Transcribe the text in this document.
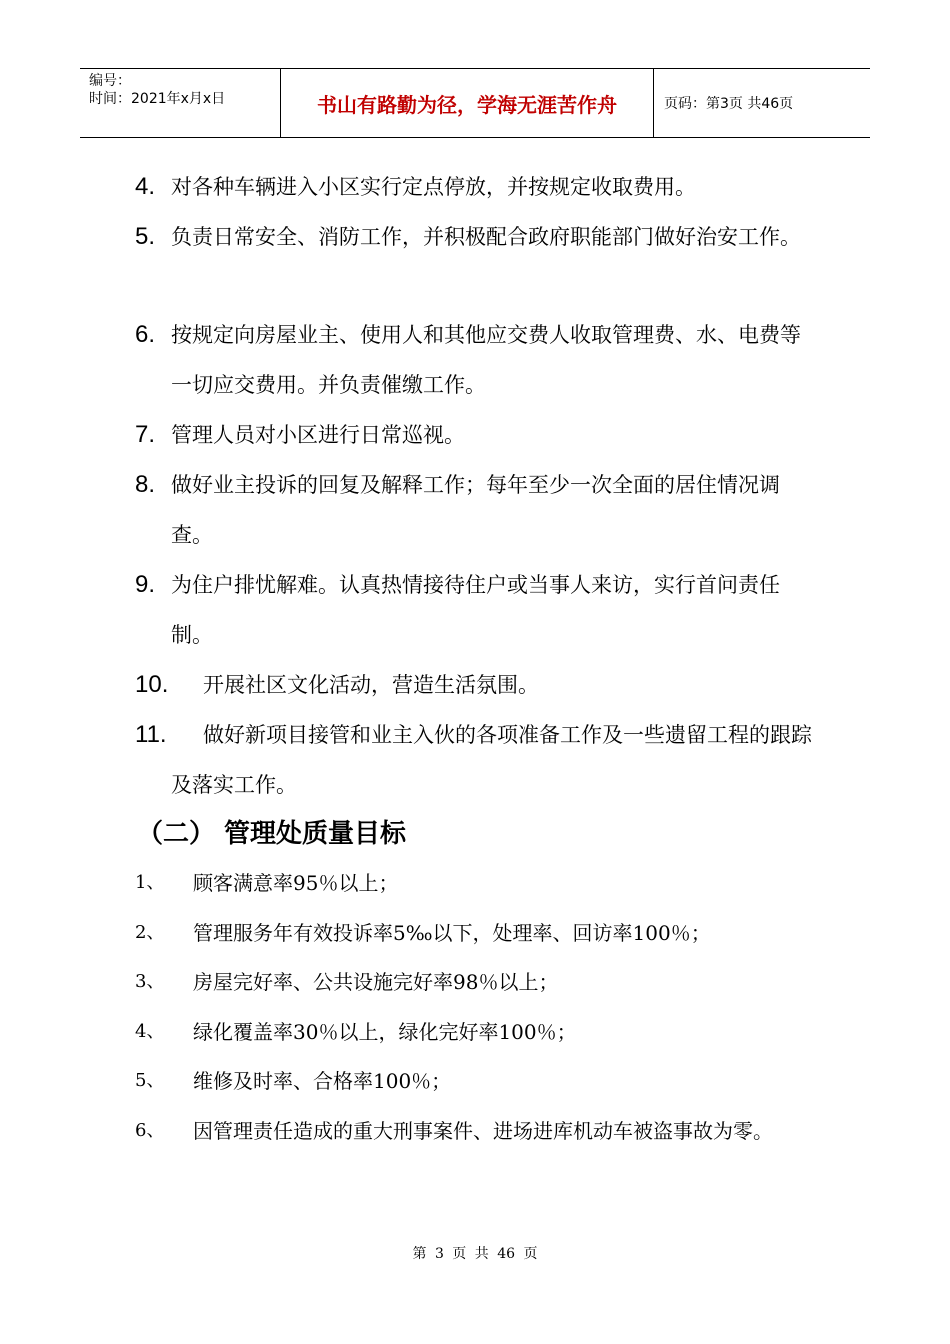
编号：
时间：2021年x月x日	书山有路勤为径，学海无涯苦作舟	页码：第3页 共46页
4. 对各种车辆进入小区实行定点停放，并按规定收取费用。
5. 负责日常安全、消防工作，并积极配合政府职能部门做好治安工作。
6. 按规定向房屋业主、使用人和其他应交费人收取管理费、水、电费等一切应交费用。并负责催缴工作。
7. 管理人员对小区进行日常巡视。
8. 做好业主投诉的回复及解释工作；每年至少一次全面的居住情况调查。
9. 为住户排忧解难。认真热情接待住户或当事人来访，实行首问责任制。
10.	开展社区文化活动，营造生活氛围。
11.	做好新项目接管和业主入伙的各项准备工作及一些遗留工程的跟踪及落实工作。
（二） 管理处质量目标
1、	顾客满意率95％以上；
2、	管理服务年有效投诉率5‰以下，处理率、回访率100％；
3、	房屋完好率、公共设施完好率98％以上；
4、	绿化覆盖率30％以上，绿化完好率100％；
5、	维修及时率、合格率100％；
6、	因管理责任造成的重大刑事案件、进场进库机动车被盗事故为零。
第 3 页 共 46 页
